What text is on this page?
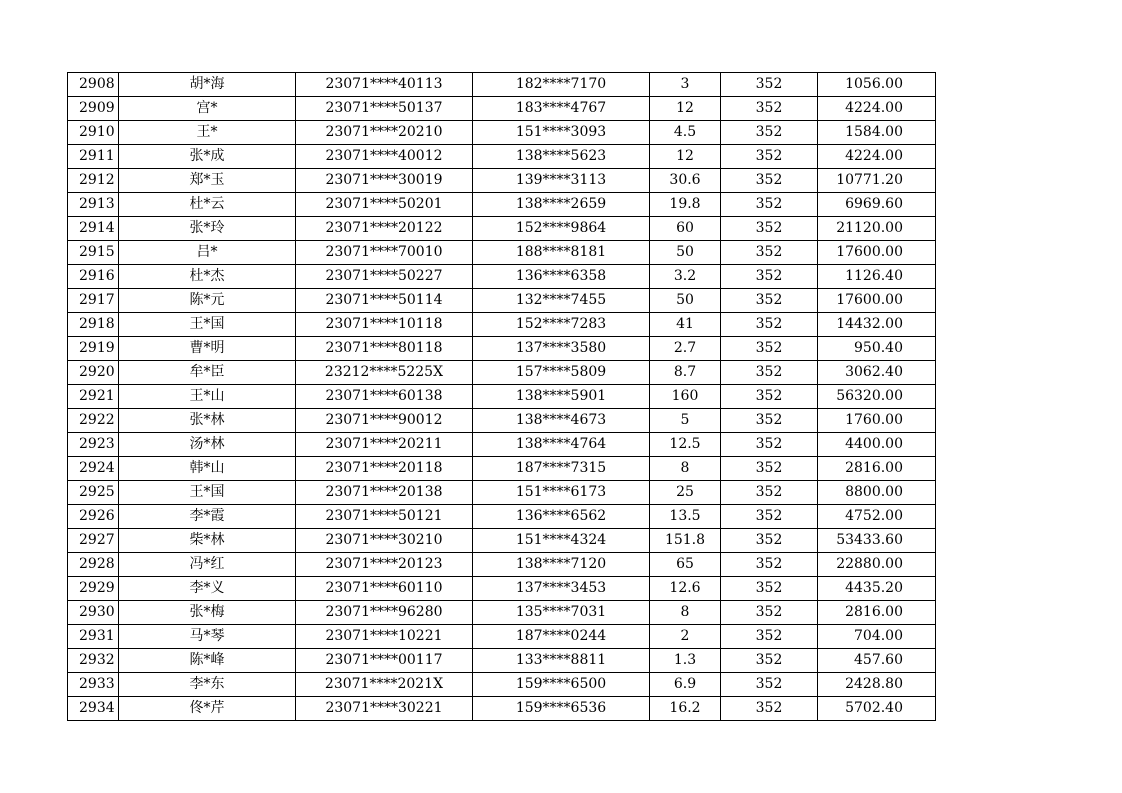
2908	胡*海	23071****40113	182****7170	3	352	1056.00
2909	宫*	23071****50137	183****4767	12	352	4224.00
2910	王*	23071****20210	151****3093	4.5	352	1584.00
2911	张*成	23071****40012	138****5623	12	352	4224.00
2912	郑*玉	23071****30019	139****3113	30.6	352	10771.20
2913	杜*云	23071****50201	138****2659	19.8	352	6969.60
2914	张*玲	23071****20122	152****9864	60	352	21120.00
2915	吕*	23071****70010	188****8181	50	352	17600.00
2916	杜*杰	23071****50227	136****6358	3.2	352	1126.40
2917	陈*元	23071****50114	132****7455	50	352	17600.00
2918	王*国	23071****10118	152****7283	41	352	14432.00
2919	曹*明	23071****80118	137****3580	2.7	352	950.40
2920	牟*臣	23212****5225X	157****5809	8.7	352	3062.40
2921	王*山	23071****60138	138****5901	160	352	56320.00
2922	张*林	23071****90012	138****4673	5	352	1760.00
2923	汤*林	23071****20211	138****4764	12.5	352	4400.00
2924	韩*山	23071****20118	187****7315	8	352	2816.00
2925	王*国	23071****20138	151****6173	25	352	8800.00
2926	李*霞	23071****50121	136****6562	13.5	352	4752.00
2927	柴*林	23071****30210	151****4324	151.8	352	53433.60
2928	冯*红	23071****20123	138****7120	65	352	22880.00
2929	李*义	23071****60110	137****3453	12.6	352	4435.20
2930	张*梅	23071****96280	135****7031	8	352	2816.00
2931	马*琴	23071****10221	187****0244	2	352	704.00
2932	陈*峰	23071****00117	133****8811	1.3	352	457.60
2933	李*东	23071****2021X	159****6500	6.9	352	2428.80
2934	佟*芹	23071****30221	159****6536	16.2	352	5702.40
